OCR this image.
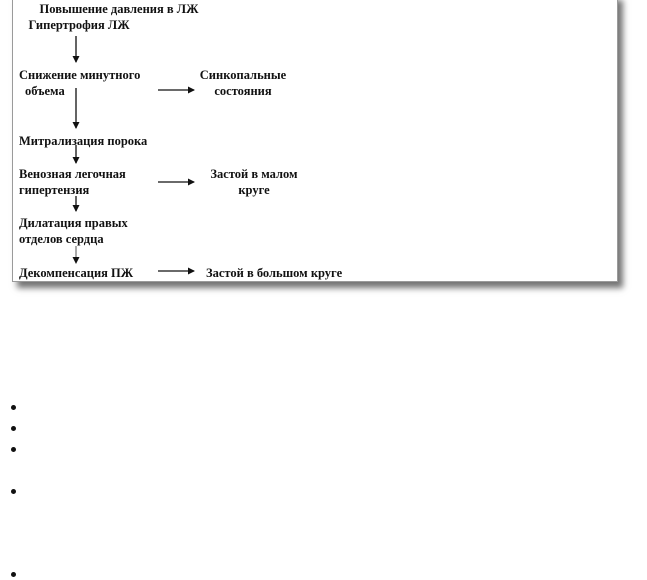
Повышение давления в ЛЖ
Гипертрофия ЛЖ
Снижение минутного
объема
Синкопальные
состояния
Митрализация порока
Венозная легочная
гипертензия
Застой в малом
круге
Дилатация правых
отделов сердца
Декомпенсация ПЖ	Застой в большом круге
